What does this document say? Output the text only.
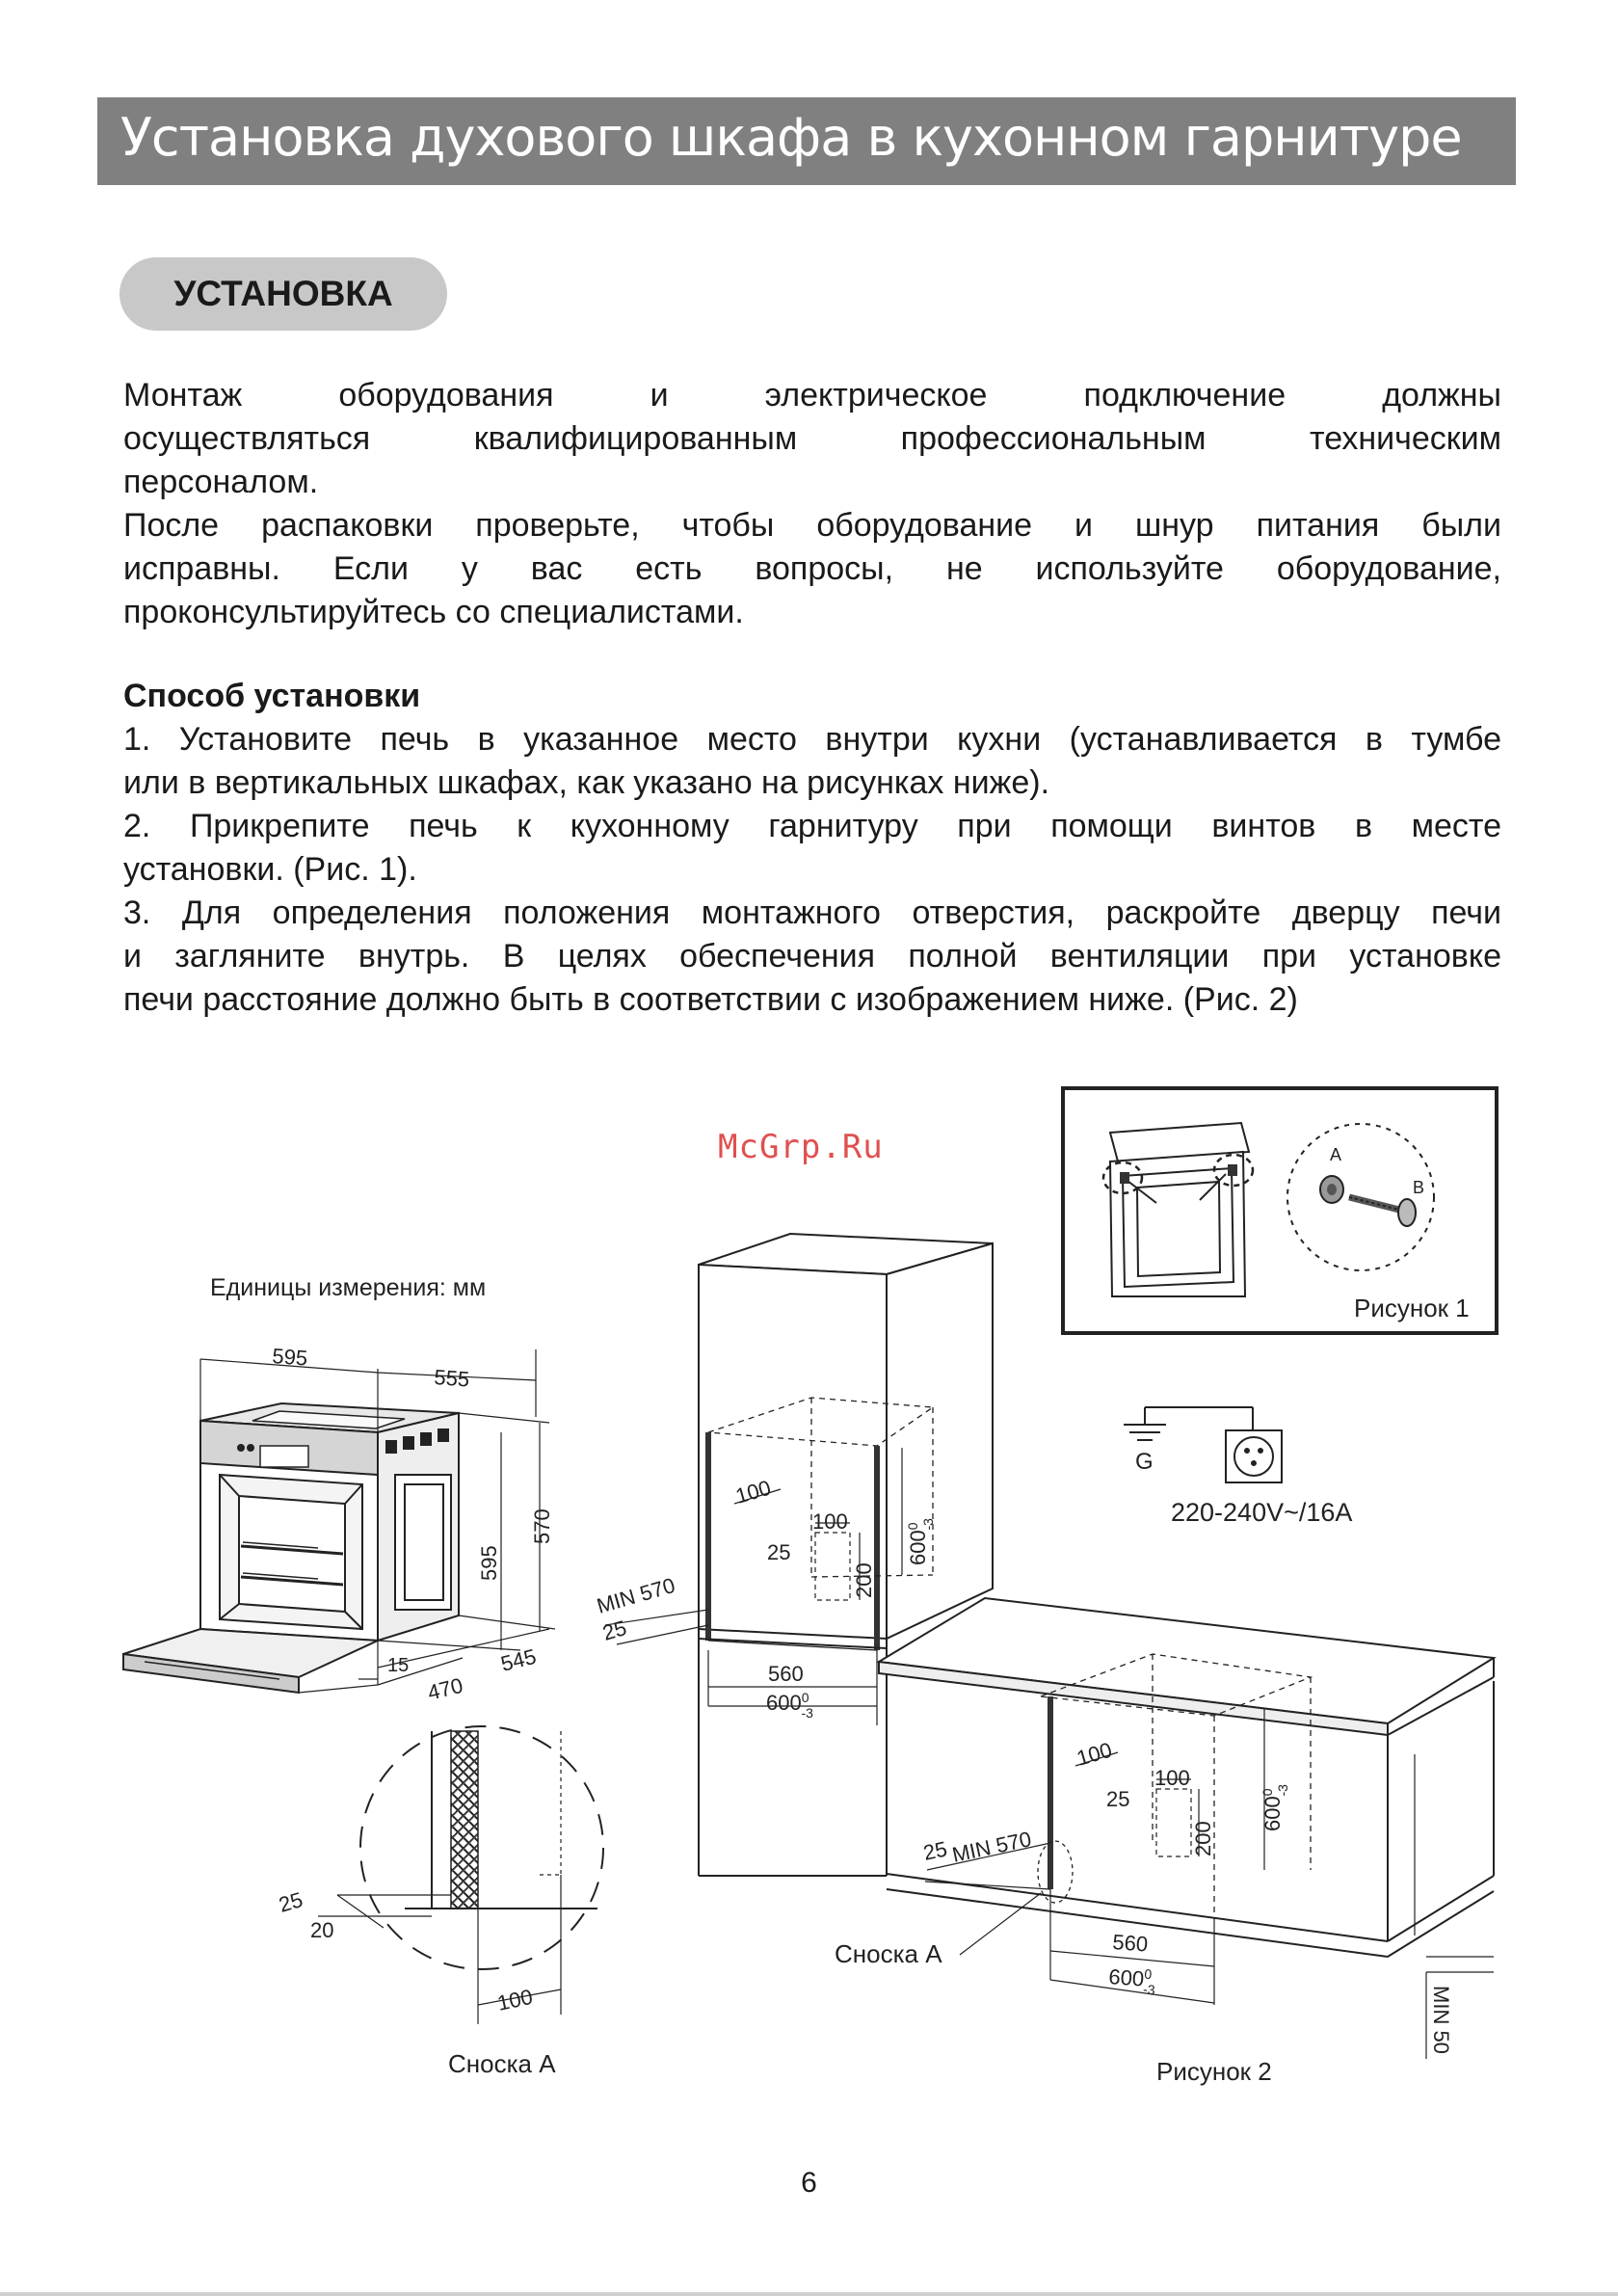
Установка духового шкафа в кухонном гарнитуре
УСТАНОВКА
Монтаж оборудования и электрическое подключение должны
осуществляться квалифицированным профессиональным техническим
персоналом.
После распаковки проверьте, чтобы оборудование и шнур питания были
исправны. Если у вас есть вопросы, не используйте оборудование,
проконсультируйтесь со специалистами.
Способ установки
1. Установите печь в указанное место внутри кухни (устанавливается в тумбе
или в вертикальных шкафах, как указано на рисунках ниже).
2. Прикрепите печь к кухонному гарнитуру при помощи винтов в месте
установки. (Рис. 1).
3. Для определения положения монтажного отверстия, раскройте дверцу печи
и загляните внутрь. В целях обеспечения полной вентиляции при установке
печи расстояние должно быть в соответствии с изображением ниже. (Рис. 2)
McGrp.Ru	A
B
Рисунок 1
G
220-240V~/16A
Единицы измерения: мм
595
555
570
595
545
15
470
25
20
100
Сноска А
100
100
25
200
$600^0-3$
MIN 570
25
560
$600^0$ -3
100
100
25
200
$600^0-3$
25 MIN 570
560
$600^0-3$	MIN 50
Сноска А
Рисунок 2
6
